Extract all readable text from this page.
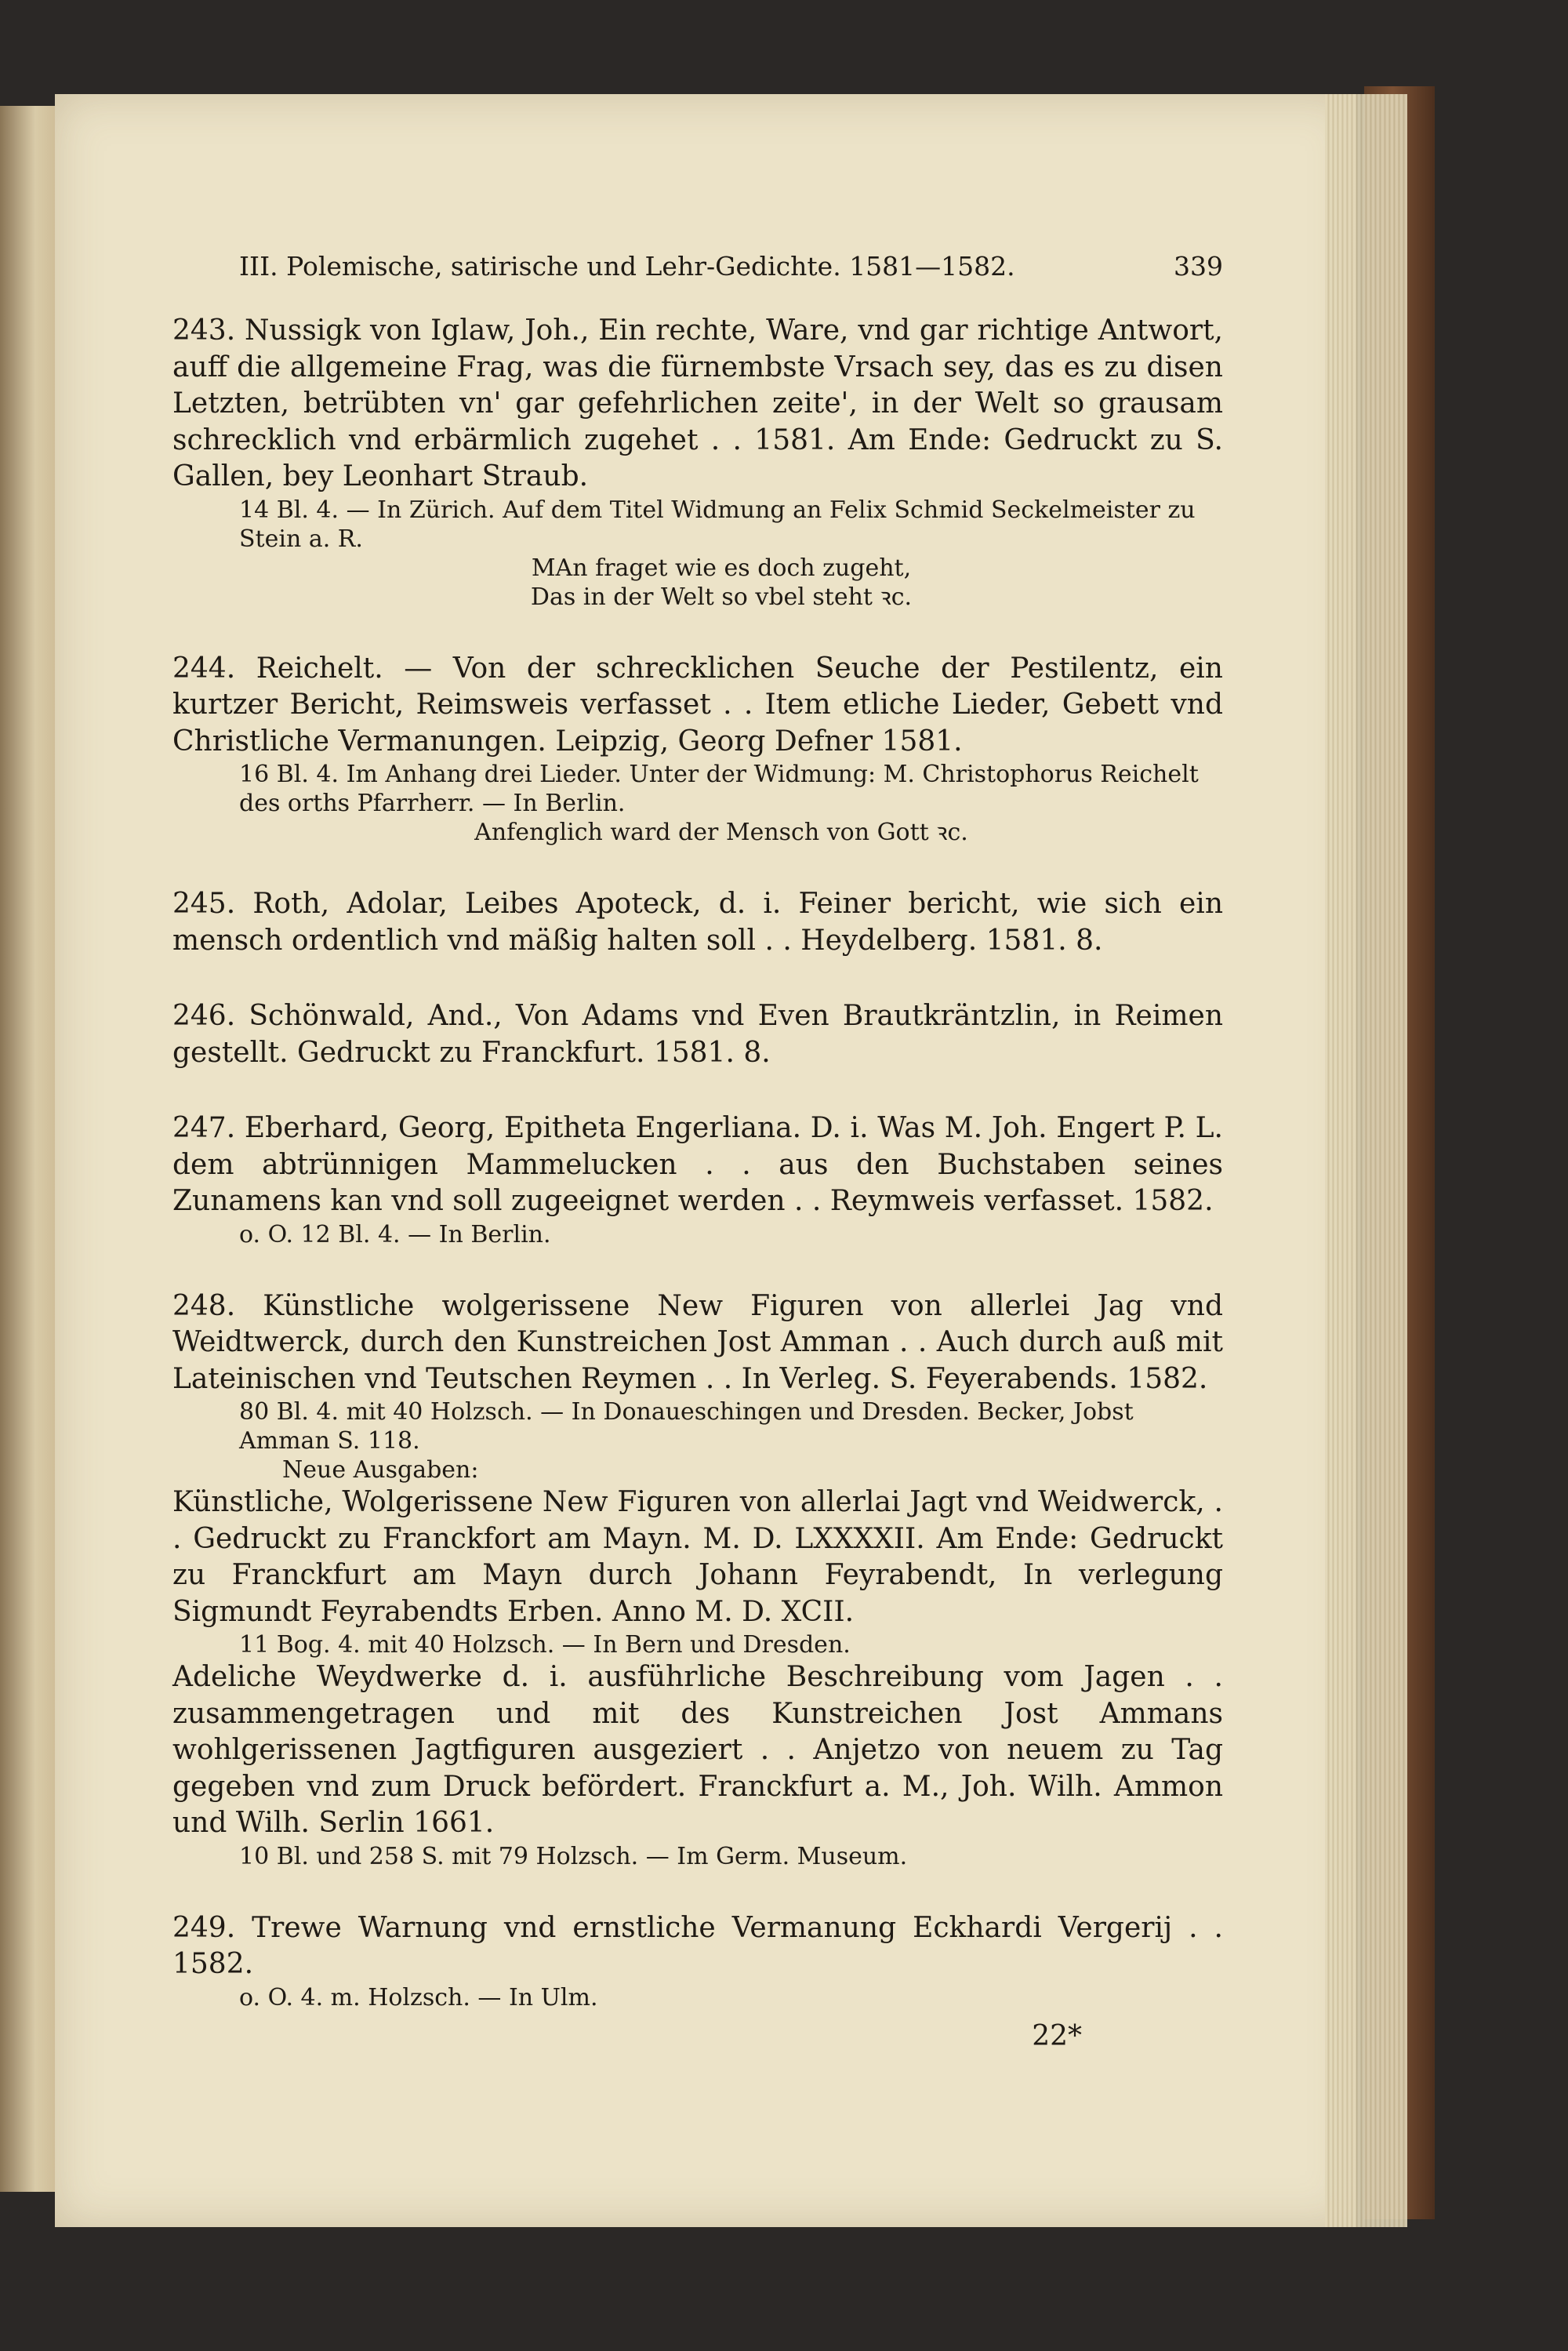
III. Polemische, satirische und Lehr-Gedichte. 1581—1582.	339

243. Nussigk von Iglaw, Joh., Ein rechte, Ware, vnd gar richtige Antwort, auff die allgemeine Frag, was die fürnembste Vrsach sey, das es zu disen Letzten, betrübten vn' gar gefehrlichen zeite', in der Welt so grausam schrecklich vnd erbärmlich zugehet . . 1581. Am Ende: Gedruckt zu S. Gallen, bey Leonhart Straub.

14 Bl. 4. — In Zürich. Auf dem Titel Widmung an Felix Schmid Seckelmeister zu Stein a. R.

MAn fraget wie es doch zugeht,

Das in der Welt so vbel steht ꝛc.

244. Reichelt. — Von der schrecklichen Seuche der Pestilentz, ein kurtzer Bericht, Reimsweis verfasset . . Item etliche Lieder, Gebett vnd Christliche Vermanungen. Leipzig, Georg Defner 1581.

16 Bl. 4. Im Anhang drei Lieder. Unter der Widmung: M. Christophorus Reichelt des orths Pfarrherr. — In Berlin.

Anfenglich ward der Mensch von Gott ꝛc.

245. Roth, Adolar, Leibes Apoteck, d. i. Feiner bericht, wie sich ein mensch ordentlich vnd mäßig halten soll . . Heydelberg. 1581. 8.

246. Schönwald, And., Von Adams vnd Even Brautkräntzlin, in Reimen gestellt. Gedruckt zu Franckfurt. 1581. 8.

247. Eberhard, Georg, Epitheta Engerliana. D. i. Was M. Joh. Engert P. L. dem abtrünnigen Mammelucken . . aus den Buchstaben seines Zunamens kan vnd soll zugeeignet werden . . Reymweis verfasset. 1582.

o. O. 12 Bl. 4. — In Berlin.

248. Künstliche wolgerissene New Figuren von allerlei Jag vnd Weidtwerck, durch den Kunstreichen Jost Amman . . Auch durch auß mit Lateinischen vnd Teutschen Reymen . . In Verleg. S. Feyerabends. 1582.

80 Bl. 4. mit 40 Holzsch. — In Donaueschingen und Dresden. Becker, Jobst Amman S. 118.

Neue Ausgaben:

Künstliche, Wolgerissene New Figuren von allerlai Jagt vnd Weidwerck, . . Gedruckt zu Franckfort am Mayn. M. D. LXXXXII. Am Ende: Gedruckt zu Franckfurt am Mayn durch Johann Feyrabendt, In verlegung Sigmundt Feyrabendts Erben. Anno M. D. XCII.

11 Bog. 4. mit 40 Holzsch. — In Bern und Dresden.

Adeliche Weydwerke d. i. ausführliche Beschreibung vom Jagen . . zusammengetragen und mit des Kunstreichen Jost Ammans wohlgerissenen Jagtfiguren ausgeziert . . Anjetzo von neuem zu Tag gegeben vnd zum Druck befördert. Franckfurt a. M., Joh. Wilh. Ammon und Wilh. Serlin 1661.

10 Bl. und 258 S. mit 79 Holzsch. — Im Germ. Museum.

249. Trewe Warnung vnd ernstliche Vermanung Eckhardi Vergerij . . 1582.

o. O. 4. m. Holzsch. — In Ulm.

22*
